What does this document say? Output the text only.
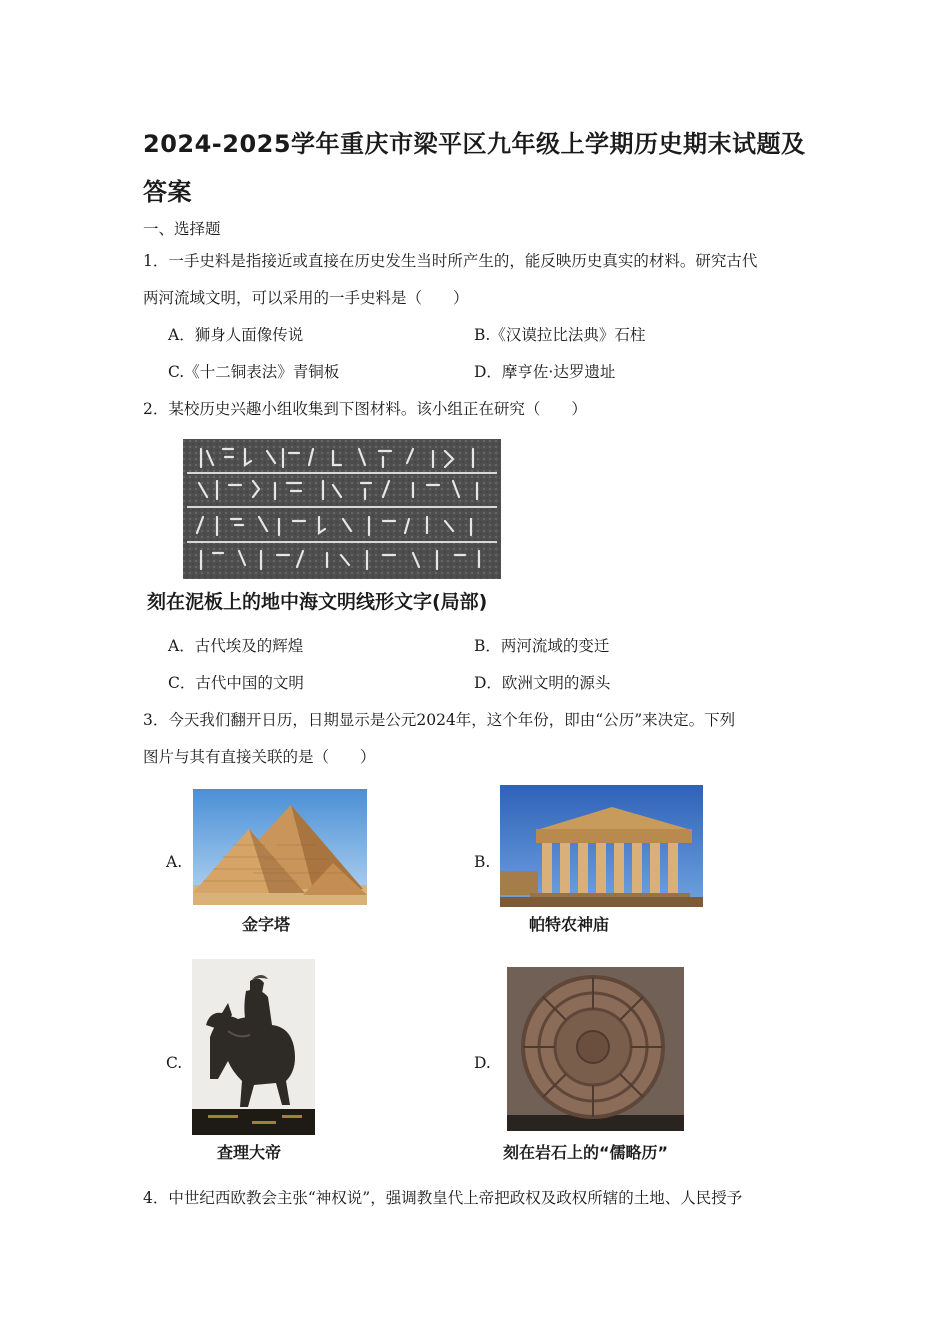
2024-2025学年重庆市梁平区九年级上学期历史期末试题及
答案
一、选择题
1．一手史料是指接近或直接在历史发生当时所产生的，能反映历史真实的材料。研究古代
两河流域文明，可以采用的一手史料是（　　）
A．狮身人面像传说	B.《汉谟拉比法典》石柱
C.《十二铜表法》青铜板	D．摩亨佐·达罗遗址
2．某校历史兴趣小组收集到下图材料。该小组正在研究（　　）
刻在泥板上的地中海文明线形文字(局部)
A．古代埃及的辉煌	B．两河流域的变迁
C．古代中国的文明	D．欧洲文明的源头
3．今天我们翻开日历，日期显示是公元2024年，这个年份，即由“公历”来决定。下列
图片与其有直接关联的是（　　）
A.
金字塔
B.
帕特农神庙
C.
查理大帝
D.
刻在岩石上的“儒略历”
4．中世纪西欧教会主张“神权说”，强调教皇代上帝把政权及政权所辖的土地、人民授予
